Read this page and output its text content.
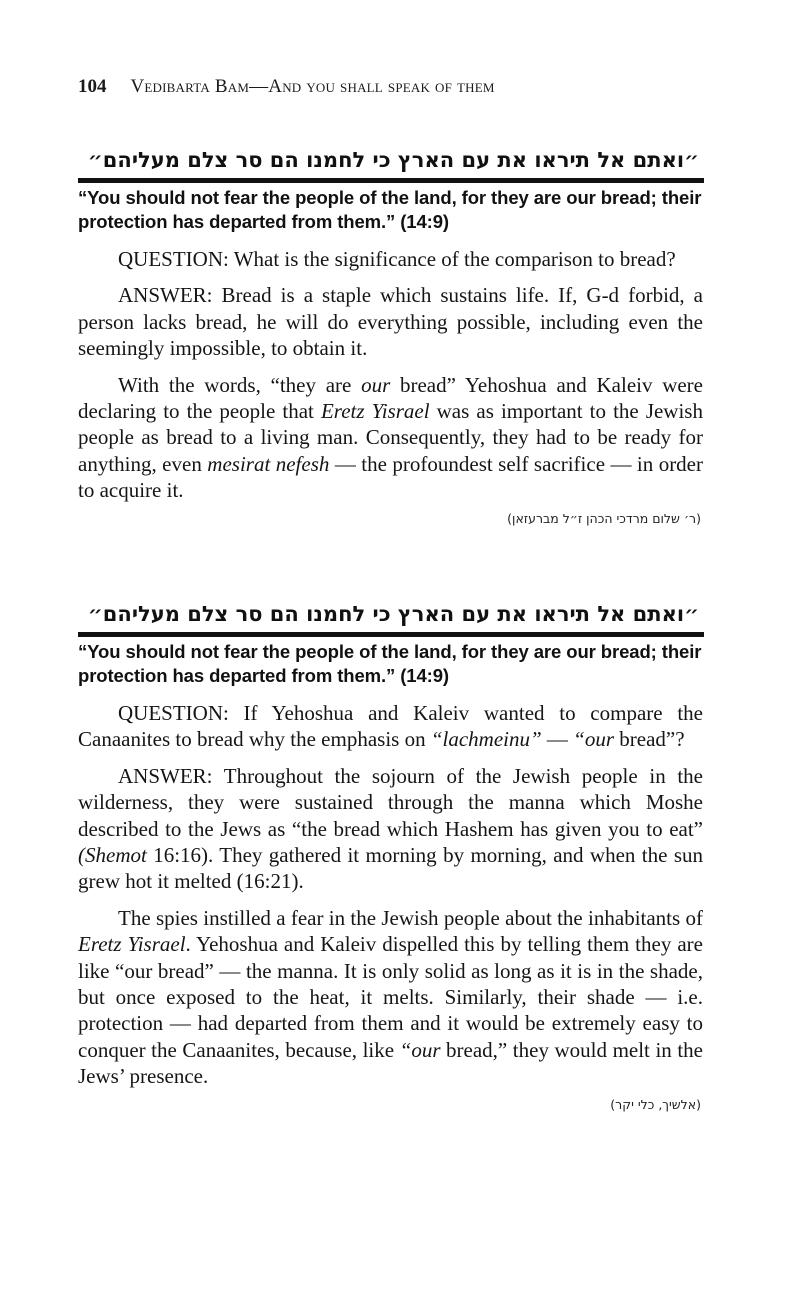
104 Vedibarta Bam—And you shall speak of them
״ואתם אל תיראו את עם הארץ כי לחמנו הם סר צלם מעליהם״
“You should not fear the people of the land, for they are our bread; their protection has departed from them.” (14:9)

QUESTION: What is the significance of the comparison to bread?

ANSWER: Bread is a staple which sustains life. If, G-d forbid, a person lacks bread, he will do everything possible, including even the seemingly impossible, to obtain it.

With the words, “they are our bread” Yehoshua and Kaleiv were declaring to the people that Eretz Yisrael was as important to the Jewish people as bread to a living man. Consequently, they had to be ready for anything, even mesirat nefesh — the profoundest self sacrifice — in order to acquire it.

(ר׳ שלום מרדכי הכהן ז״ל מברעזאן)
״ואתם אל תיראו את עם הארץ כי לחמנו הם סר צלם מעליהם״
“You should not fear the people of the land, for they are our bread; their protection has departed from them.” (14:9)

QUESTION: If Yehoshua and Kaleiv wanted to compare the Canaanites to bread why the emphasis on “lachmeinu” — “our bread”?

ANSWER: Throughout the sojourn of the Jewish people in the wilderness, they were sustained through the manna which Moshe described to the Jews as “the bread which Hashem has given you to eat” (Shemot 16:16). They gathered it morning by morning, and when the sun grew hot it melted (16:21).

The spies instilled a fear in the Jewish people about the inhabitants of Eretz Yisrael. Yehoshua and Kaleiv dispelled this by telling them they are like “our bread” — the manna. It is only solid as long as it is in the shade, but once exposed to the heat, it melts. Similarly, their shade — i.e. protection — had departed from them and it would be extremely easy to conquer the Canaanites, because, like “our bread,” they would melt in the Jews’ presence.

(אלשיך, כלי יקר)
